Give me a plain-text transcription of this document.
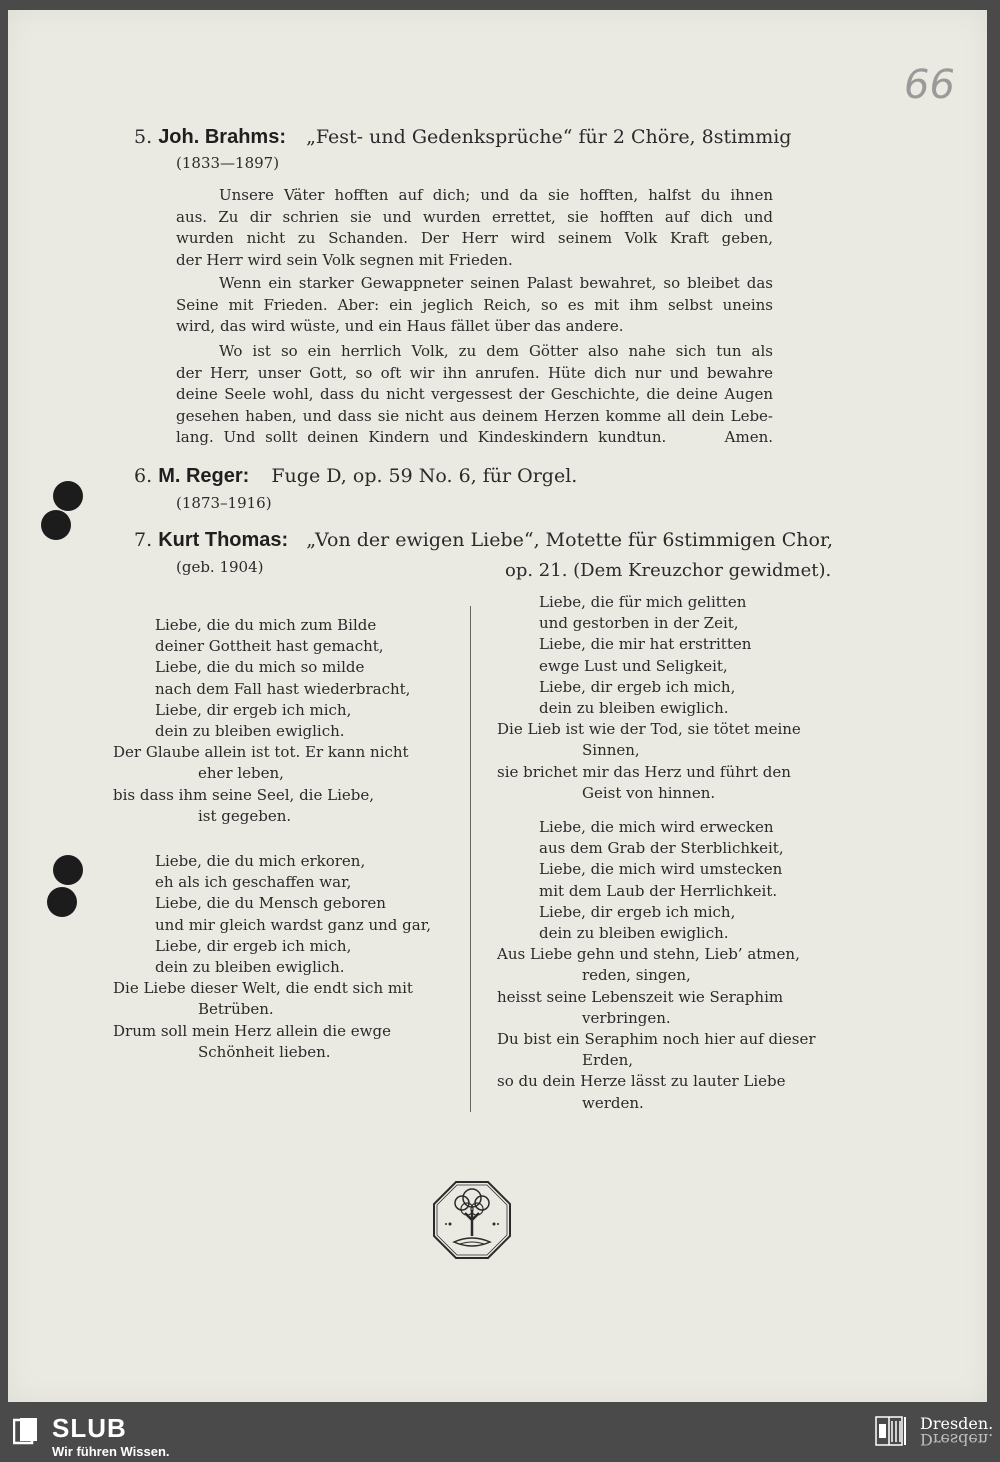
66
5. Joh. Brahms: „Fest- und Gedenksprüche“ für 2 Chöre, 8stimmig
(1833—1897)
Unsere Väter hofften auf dich; und da sie hofften, halfst du ihnen
aus. Zu dir schrien sie und wurden errettet, sie hofften auf dich und
wurden nicht zu Schanden. Der Herr wird seinem Volk Kraft geben,
der Herr wird sein Volk segnen mit Frieden.
Wenn ein starker Gewappneter seinen Palast bewahret, so bleibet das
Seine mit Frieden. Aber: ein jeglich Reich, so es mit ihm selbst uneins
wird, das wird wüste, und ein Haus fället über das andere.
Wo ist so ein herrlich Volk, zu dem Götter also nahe sich tun als
der Herr, unser Gott, so oft wir ihn anrufen. Hüte dich nur und bewahre
deine Seele wohl, dass du nicht vergessest der Geschichte, die deine Augen
gesehen haben, und dass sie nicht aus deinem Herzen komme all dein Lebe-
lang. Und sollt deinen Kindern und Kindeskindern kundtun.      Amen.
6. M. Reger: Fuge D, op. 59 No. 6, für Orgel.
(1873–1916)
7. Kurt Thomas: „Von der ewigen Liebe“, Motette für 6stimmigen Chor,
(geb. 1904)	op. 21. (Dem Kreuzchor gewidmet).
Liebe, die du mich zum Bilde
deiner Gottheit hast gemacht,
Liebe, die du mich so milde
nach dem Fall hast wiederbracht,
Liebe, dir ergeb ich mich,
dein zu bleiben ewiglich.
Der Glaube allein ist tot. Er kann nicht
eher leben,
bis dass ihm seine Seel, die Liebe,
ist gegeben.
Liebe, die du mich erkoren,
eh als ich geschaffen war,
Liebe, die du Mensch geboren
und mir gleich wardst ganz und gar,
Liebe, dir ergeb ich mich,
dein zu bleiben ewiglich.
Die Liebe dieser Welt, die endt sich mit
Betrüben.
Drum soll mein Herz allein die ewge
Schönheit lieben.
Liebe, die für mich gelitten
und gestorben in der Zeit,
Liebe, die mir hat erstritten
ewge Lust und Seligkeit,
Liebe, dir ergeb ich mich,
dein zu bleiben ewiglich.
Die Lieb ist wie der Tod, sie tötet meine
Sinnen,
sie brichet mir das Herz und führt den
Geist von hinnen.
Liebe, die mich wird erwecken
aus dem Grab der Sterblichkeit,
Liebe, die mich wird umstecken
mit dem Laub der Herrlichkeit.
Liebe, dir ergeb ich mich,
dein zu bleiben ewiglich.
Aus Liebe gehn und stehn, Lieb’ atmen,
reden, singen,
heisst seine Lebenszeit wie Seraphim
verbringen.
Du bist ein Seraphim noch hier auf dieser
Erden,
so du dein Herze lässt zu lauter Liebe
werden.
SLUB
Wir führen Wissen.
Dresden.
Dresden.
